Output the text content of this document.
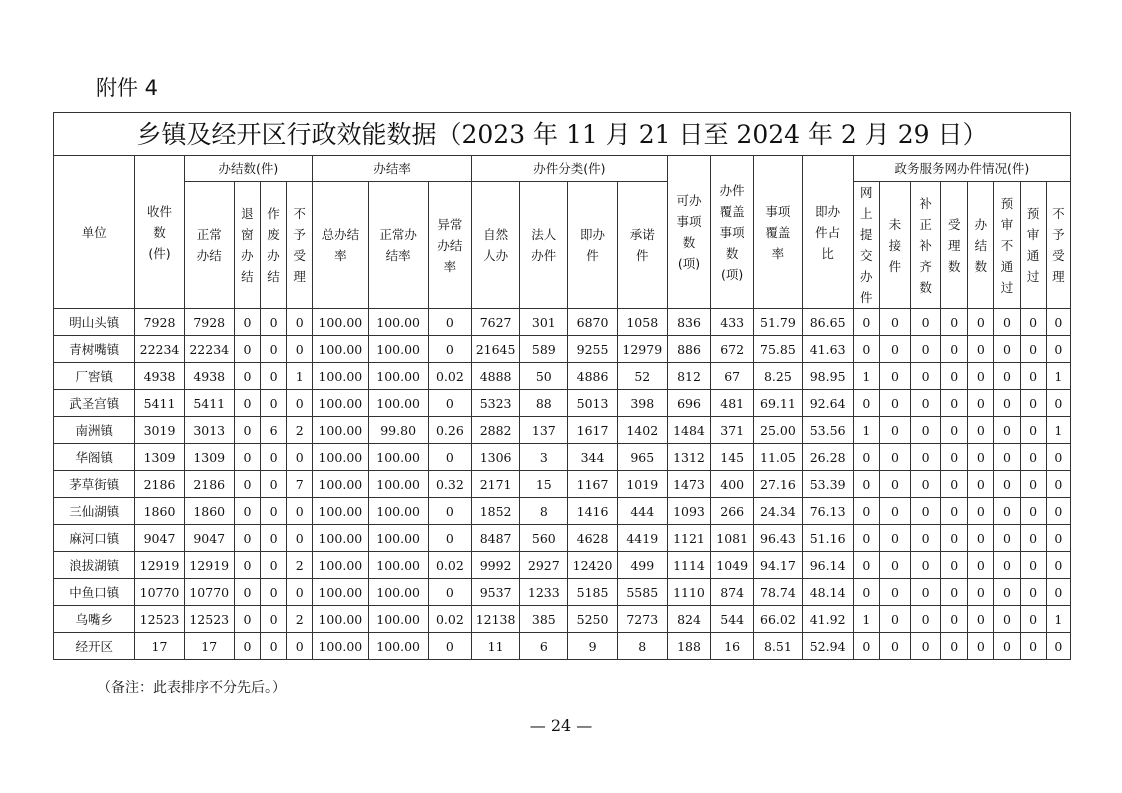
附件 4
乡镇及经开区行政效能数据（2023 年 11 月 21 日至 2024 年 2 月 29 日）																								
单位	收件数(件)	办结数(件)				办结率			办件分类(件)				可办事项数(项)	办件覆盖事项数(项)	事项覆盖率	即办件占比	政务服务网办件情况(件)							
		正常办结	退窗办结	作废办结	不予受理	总办结率	正常办结率	异常办结率	自然人办	法人办件	即办件	承诺件					网上提交办件	未接件	补正补齐数	受理数	办结数	预审不通过	预审通过	不予受理
明山头镇	7928	7928	0	0	0	100.00	100.00	0	7627	301	6870	1058	836	433	51.79	86.65	0	0	0	0	0	0	0	0
青树嘴镇	22234	22234	0	0	0	100.00	100.00	0	21645	589	9255	12979	886	672	75.85	41.63	0	0	0	0	0	0	0	0
厂窖镇	4938	4938	0	0	1	100.00	100.00	0.02	4888	50	4886	52	812	67	8.25	98.95	1	0	0	0	0	0	0	1
武圣宫镇	5411	5411	0	0	0	100.00	100.00	0	5323	88	5013	398	696	481	69.11	92.64	0	0	0	0	0	0	0	0
南洲镇	3019	3013	0	6	2	100.00	99.80	0.26	2882	137	1617	1402	1484	371	25.00	53.56	1	0	0	0	0	0	0	1
华阁镇	1309	1309	0	0	0	100.00	100.00	0	1306	3	344	965	1312	145	11.05	26.28	0	0	0	0	0	0	0	0
茅草街镇	2186	2186	0	0	7	100.00	100.00	0.32	2171	15	1167	1019	1473	400	27.16	53.39	0	0	0	0	0	0	0	0
三仙湖镇	1860	1860	0	0	0	100.00	100.00	0	1852	8	1416	444	1093	266	24.34	76.13	0	0	0	0	0	0	0	0
麻河口镇	9047	9047	0	0	0	100.00	100.00	0	8487	560	4628	4419	1121	1081	96.43	51.16	0	0	0	0	0	0	0	0
浪拔湖镇	12919	12919	0	0	2	100.00	100.00	0.02	9992	2927	12420	499	1114	1049	94.17	96.14	0	0	0	0	0	0	0	0
中鱼口镇	10770	10770	0	0	0	100.00	100.00	0	9537	1233	5185	5585	1110	874	78.74	48.14	0	0	0	0	0	0	0	0
乌嘴乡	12523	12523	0	0	2	100.00	100.00	0.02	12138	385	5250	7273	824	544	66.02	41.92	1	0	0	0	0	0	0	1
经开区	17	17	0	0	0	100.00	100.00	0	11	6	9	8	188	16	8.51	52.94	0	0	0	0	0	0	0	0
（备注：此表排序不分先后。）
— 24 —
